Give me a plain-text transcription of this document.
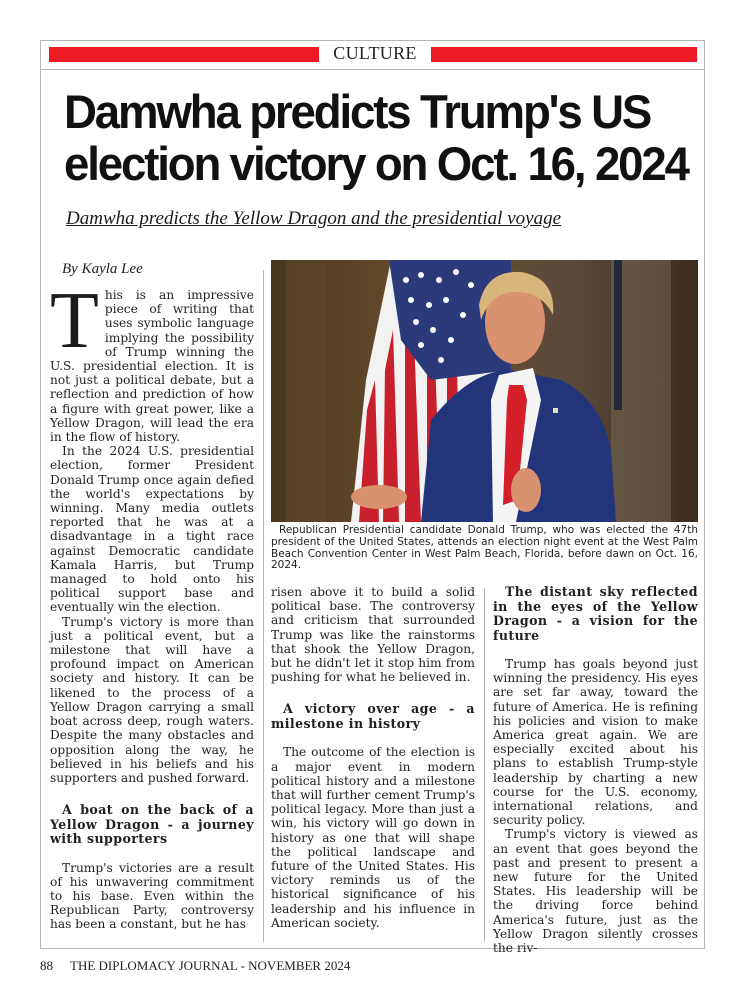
CULTURE
Damwha predicts Trump's US
election victory on Oct. 16, 2024
Damwha predicts the Yellow Dragon and the presidential voyage
By Kayla Lee

This is an impressive piece of writing that uses symbolic language implying the possibility of Trump winning the U.S. presidential election. It is not just a political debate, but a reflection and prediction of how a figure with great power, like a Yellow Dragon, will lead the era in the flow of history.

In the 2024 U.S. presidential election, former President Donald Trump once again defied the world's expectations by winning. Many media outlets reported that he was at a disadvantage in a tight race against Democratic candidate Kamala Harris, but Trump managed to hold onto his political support base and eventually win the election.

Trump's victory is more than just a political event, but a milestone that will have a profound impact on American society and history. It can be likened to the process of a Yellow Dragon carrying a small boat across deep, rough waters. Despite the many obstacles and opposition along the way, he believed in his beliefs and his supporters and pushed forward.

A boat on the back of a Yellow Dragon - a journey with supporters

Trump's victories are a result of his unwavering commitment to his base. Even within the Republican Party, controversy has been a constant, but he has

Republican Presidential candidate Donald Trump, who was elected the 47th president of the United States, attends an election night event at the West Palm Beach Convention Center in West Palm Beach, Florida, before dawn on Oct. 16, 2024.

risen above it to build a solid political base. The controversy and criticism that surrounded Trump was like the rainstorms that shook the Yellow Dragon, but he didn't let it stop him from pushing for what he believed in.

A victory over age - a milestone in history

The outcome of the election is a major event in modern political history and a milestone that will further cement Trump's political legacy. More than just a win, his victory will go down in history as one that will shape the political landscape and future of the United States. His victory reminds us of the historical significance of his leadership and his influence in American society.

The distant sky reflected in the eyes of the Yellow Dragon - a vision for the future

Trump has goals beyond just winning the presidency. His eyes are set far away, toward the future of America. He is refining his policies and vision to make America great again. We are especially excited about his plans to establish Trump-style leadership by charting a new course for the U.S. economy, international relations, and security policy.

Trump's victory is viewed as an event that goes beyond the past and present to present a new future for the United States. His leadership will be the driving force behind America's future, just as the Yellow Dragon silently crosses the riv-

88 THE DIPLOMACY JOURNAL - NOVEMBER 2024
